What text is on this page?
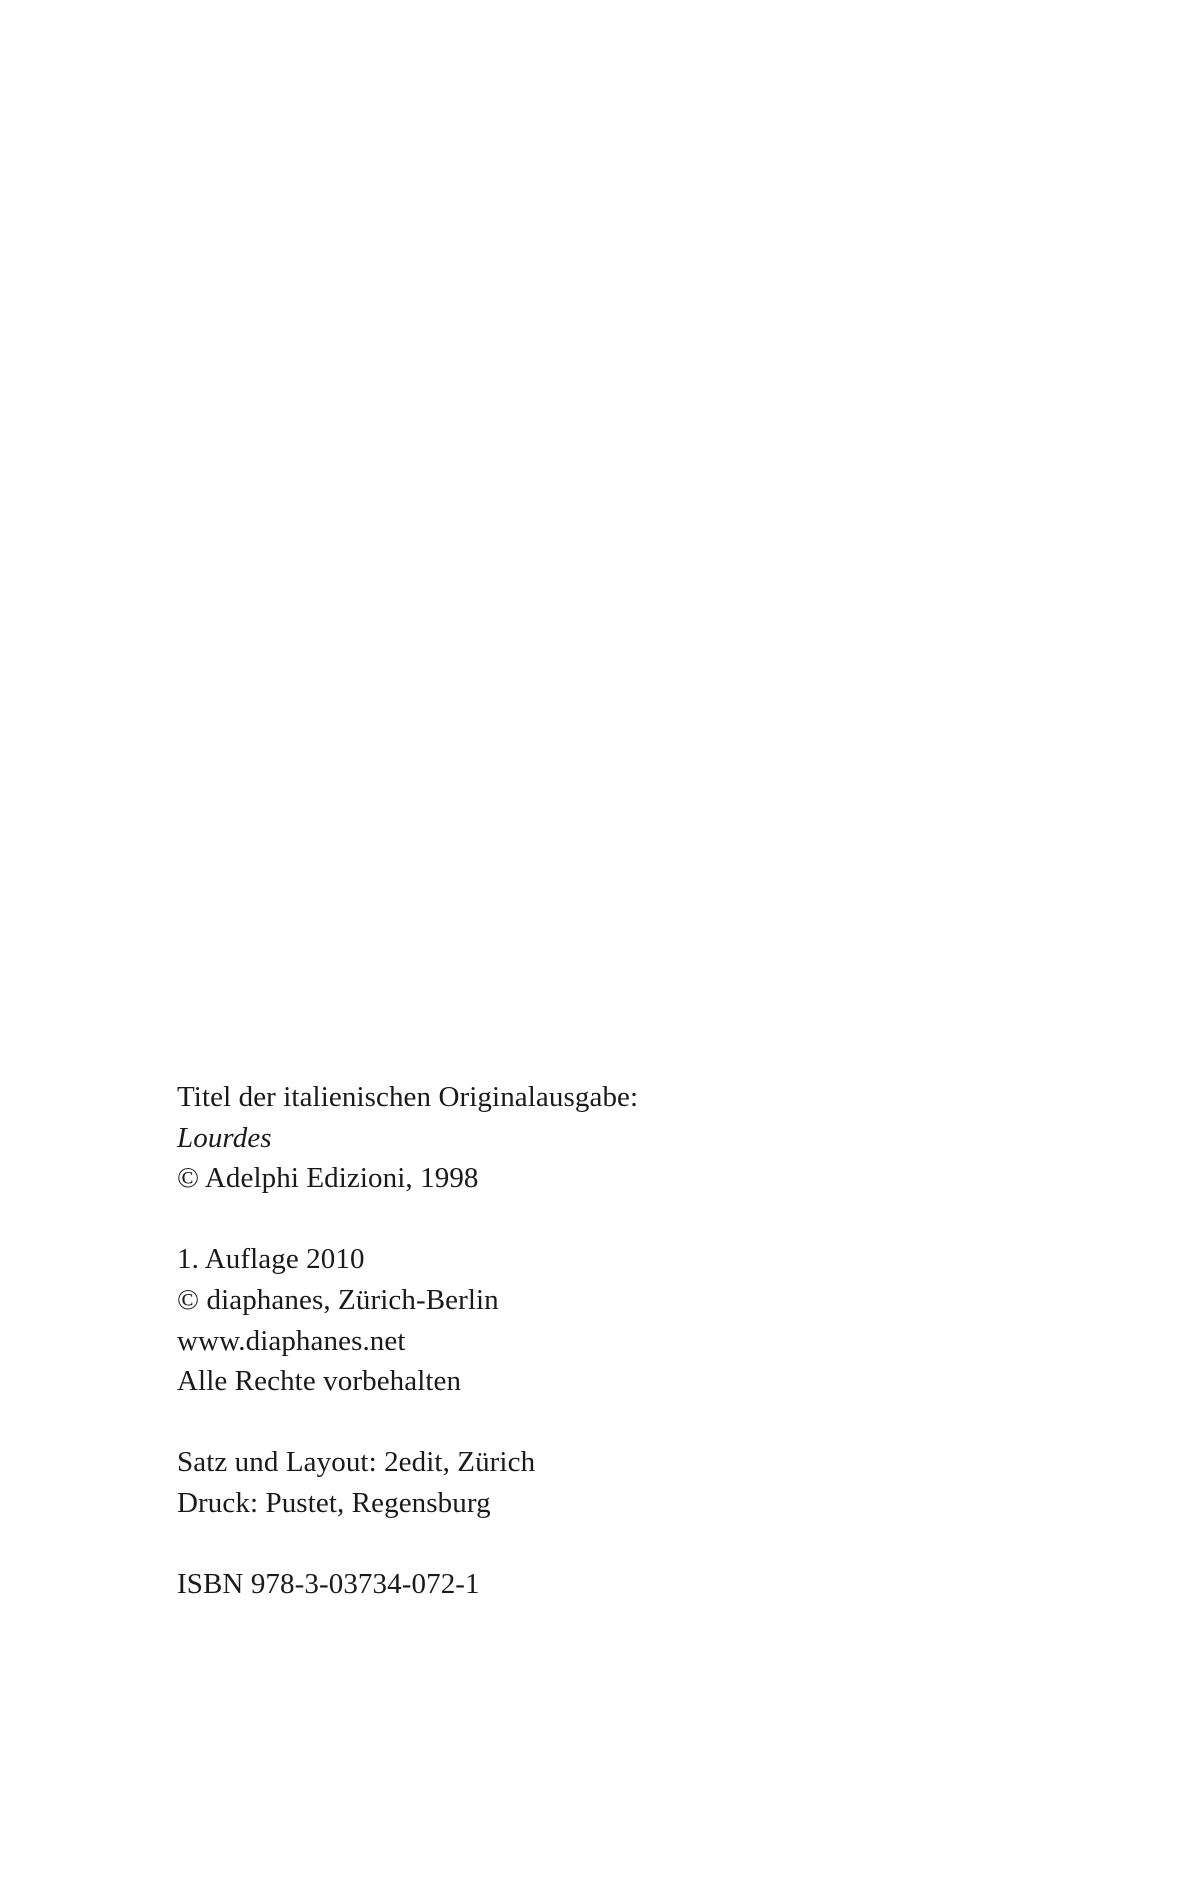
Titel der italienischen Originalausgabe:
Lourdes
© Adelphi Edizioni, 1998

1. Auflage 2010
© diaphanes, Zürich-Berlin
www.diaphanes.net
Alle Rechte vorbehalten

Satz und Layout: 2edit, Zürich
Druck: Pustet, Regensburg

ISBN 978-3-03734-072-1
